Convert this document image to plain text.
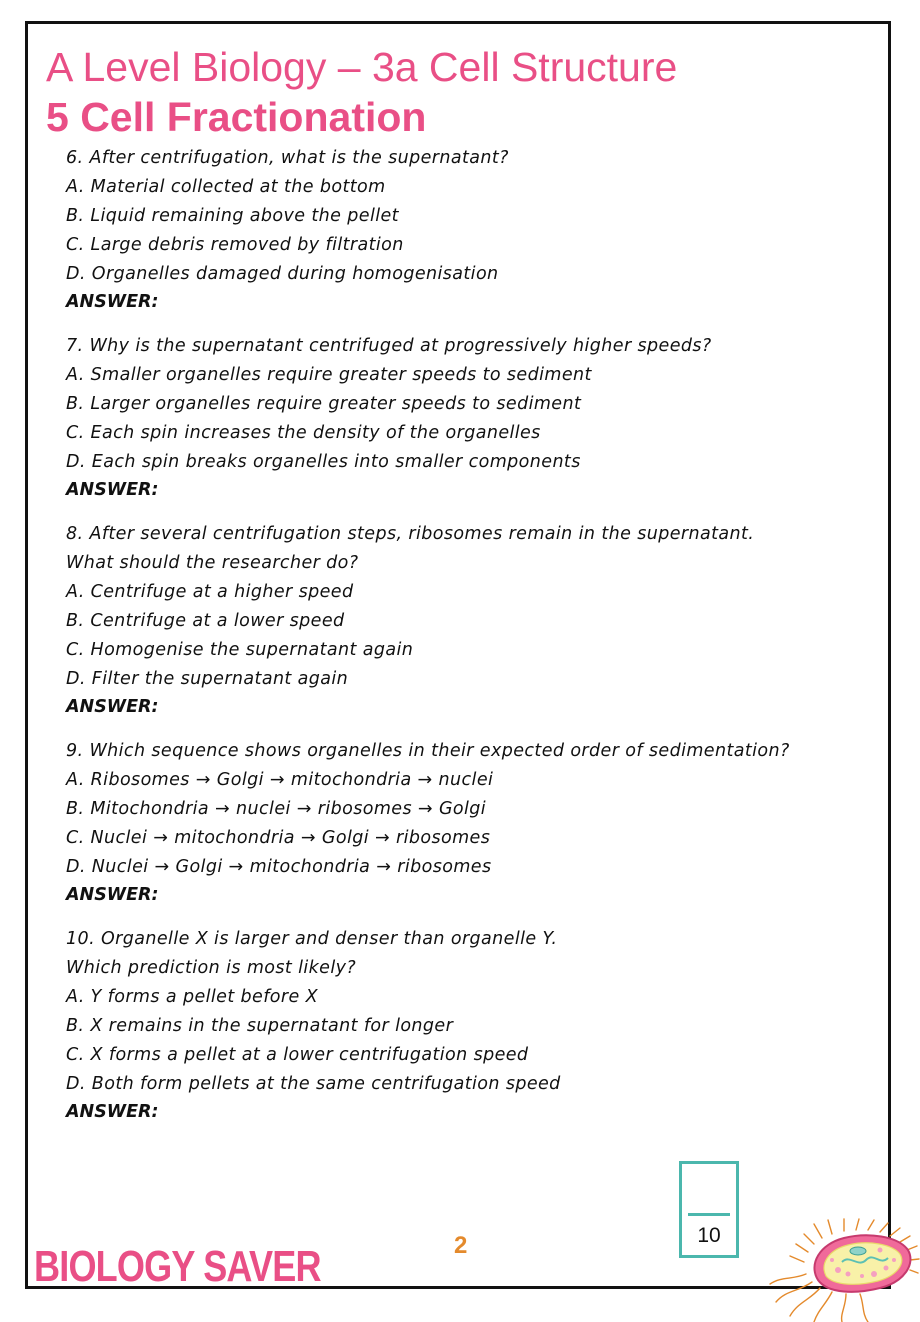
A Level Biology – 3a Cell Structure
5 Cell Fractionation
6. After centrifugation, what is the supernatant?
A. Material collected at the bottom
B. Liquid remaining above the pellet
C. Large debris removed by filtration
D. Organelles damaged during homogenisation
ANSWER:
7. Why is the supernatant centrifuged at progressively higher speeds?
A. Smaller organelles require greater speeds to sediment
B. Larger organelles require greater speeds to sediment
C. Each spin increases the density of the organelles
D. Each spin breaks organelles into smaller components
ANSWER:
8. After several centrifugation steps, ribosomes remain in the supernatant.
What should the researcher do?
A. Centrifuge at a higher speed
B. Centrifuge at a lower speed
C. Homogenise the supernatant again
D. Filter the supernatant again
ANSWER:
9. Which sequence shows organelles in their expected order of sedimentation?
A. Ribosomes → Golgi → mitochondria → nuclei
B. Mitochondria → nuclei → ribosomes → Golgi
C. Nuclei → mitochondria → Golgi → ribosomes
D. Nuclei → Golgi → mitochondria → ribosomes
ANSWER:
10. Organelle X is larger and denser than organelle Y.
Which prediction is most likely?
A. Y forms a pellet before X
B. X remains in the supernatant for longer
C. X forms a pellet at a lower centrifugation speed
D. Both form pellets at the same centrifugation speed
ANSWER:
2	10
BIOLOGY SAVER
